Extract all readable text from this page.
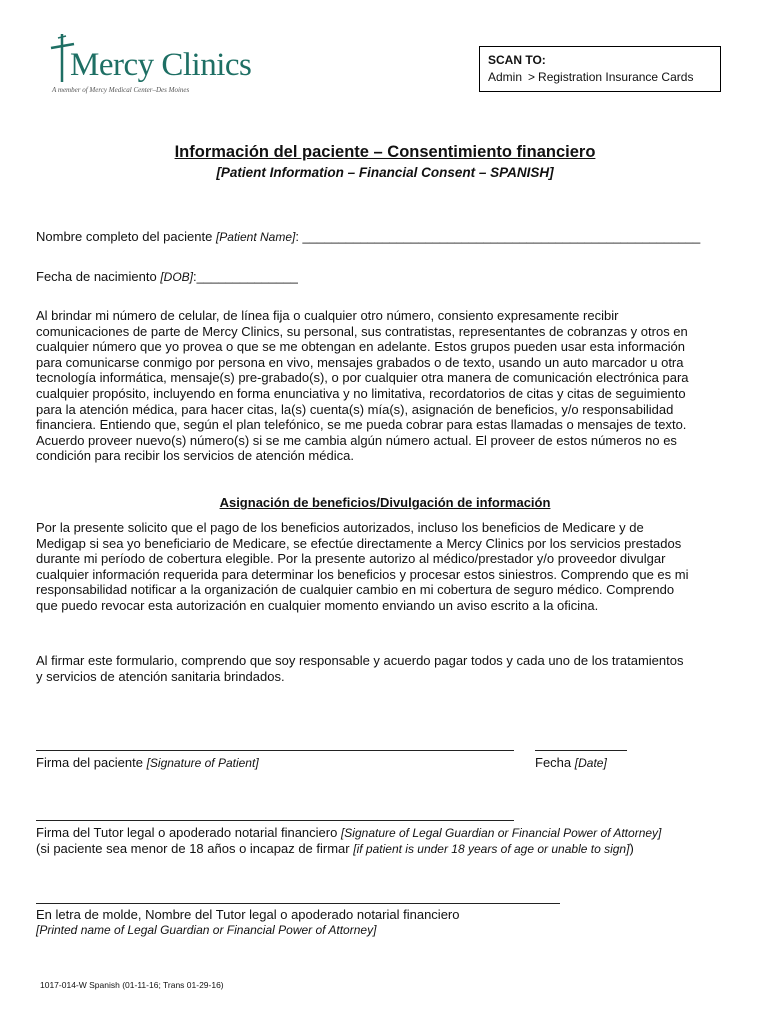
Mercy Clinics
A member of Mercy Medical Center–Des Moines
SCAN TO:
Admin > Registration Insurance Cards
Información del paciente – Consentimiento financiero
[Patient Information – Financial Consent – SPANISH]
Nombre completo del paciente [Patient Name]: _______________________________________________________
Fecha de nacimiento [DOB]:______________
Al brindar mi número de celular, de línea fija o cualquier otro número, consiento expresamente recibir
comunicaciones de parte de Mercy Clinics, su personal, sus contratistas, representantes de cobranzas y otros en
cualquier número que yo provea o que se me obtengan en adelante. Estos grupos pueden usar esta información
para comunicarse conmigo por persona en vivo, mensajes grabados o de texto, usando un auto marcador u otra
tecnología informática, mensaje(s) pre-grabado(s), o por cualquier otra manera de comunicación electrónica para
cualquier propósito, incluyendo en forma enunciativa y no limitativa, recordatorios de citas y citas de seguimiento
para la atención médica, para hacer citas, la(s) cuenta(s) mía(s), asignación de beneficios, y/o responsabilidad
financiera. Entiendo que, según el plan telefónico, se me pueda cobrar para estas llamadas o mensajes de texto.
Acuerdo proveer nuevo(s) número(s) si se me cambia algún número actual. El proveer de estos números no es
condición para recibir los servicios de atención médica.
Asignación de beneficios/Divulgación de información
Por la presente solicito que el pago de los beneficios autorizados, incluso los beneficios de Medicare y de
Medigap si sea yo beneficiario de Medicare, se efectúe directamente a Mercy Clinics por los servicios prestados
durante mi período de cobertura elegible. Por la presente autorizo al médico/prestador y/o proveedor divulgar
cualquier información requerida para determinar los beneficios y procesar estos siniestros. Comprendo que es mi
responsabilidad notificar a la organización de cualquier cambio en mi cobertura de seguro médico. Comprendo
que puedo revocar esta autorización en cualquier momento enviando un aviso escrito a la oficina.
Al firmar este formulario, comprendo que soy responsable y acuerdo pagar todos y cada uno de los tratamientos
y servicios de atención sanitaria brindados.
Firma del paciente [Signature of Patient]	Fecha [Date]
Firma del Tutor legal o apoderado notarial financiero [Signature of Legal Guardian or Financial Power of Attorney]
(si paciente sea menor de 18 años o incapaz de firmar [if patient is under 18 years of age or unable to sign])
En letra de molde, Nombre del Tutor legal o apoderado notarial financiero
[Printed name of Legal Guardian or Financial Power of Attorney]
1017-014-W Spanish (01-11-16; Trans 01-29-16)
